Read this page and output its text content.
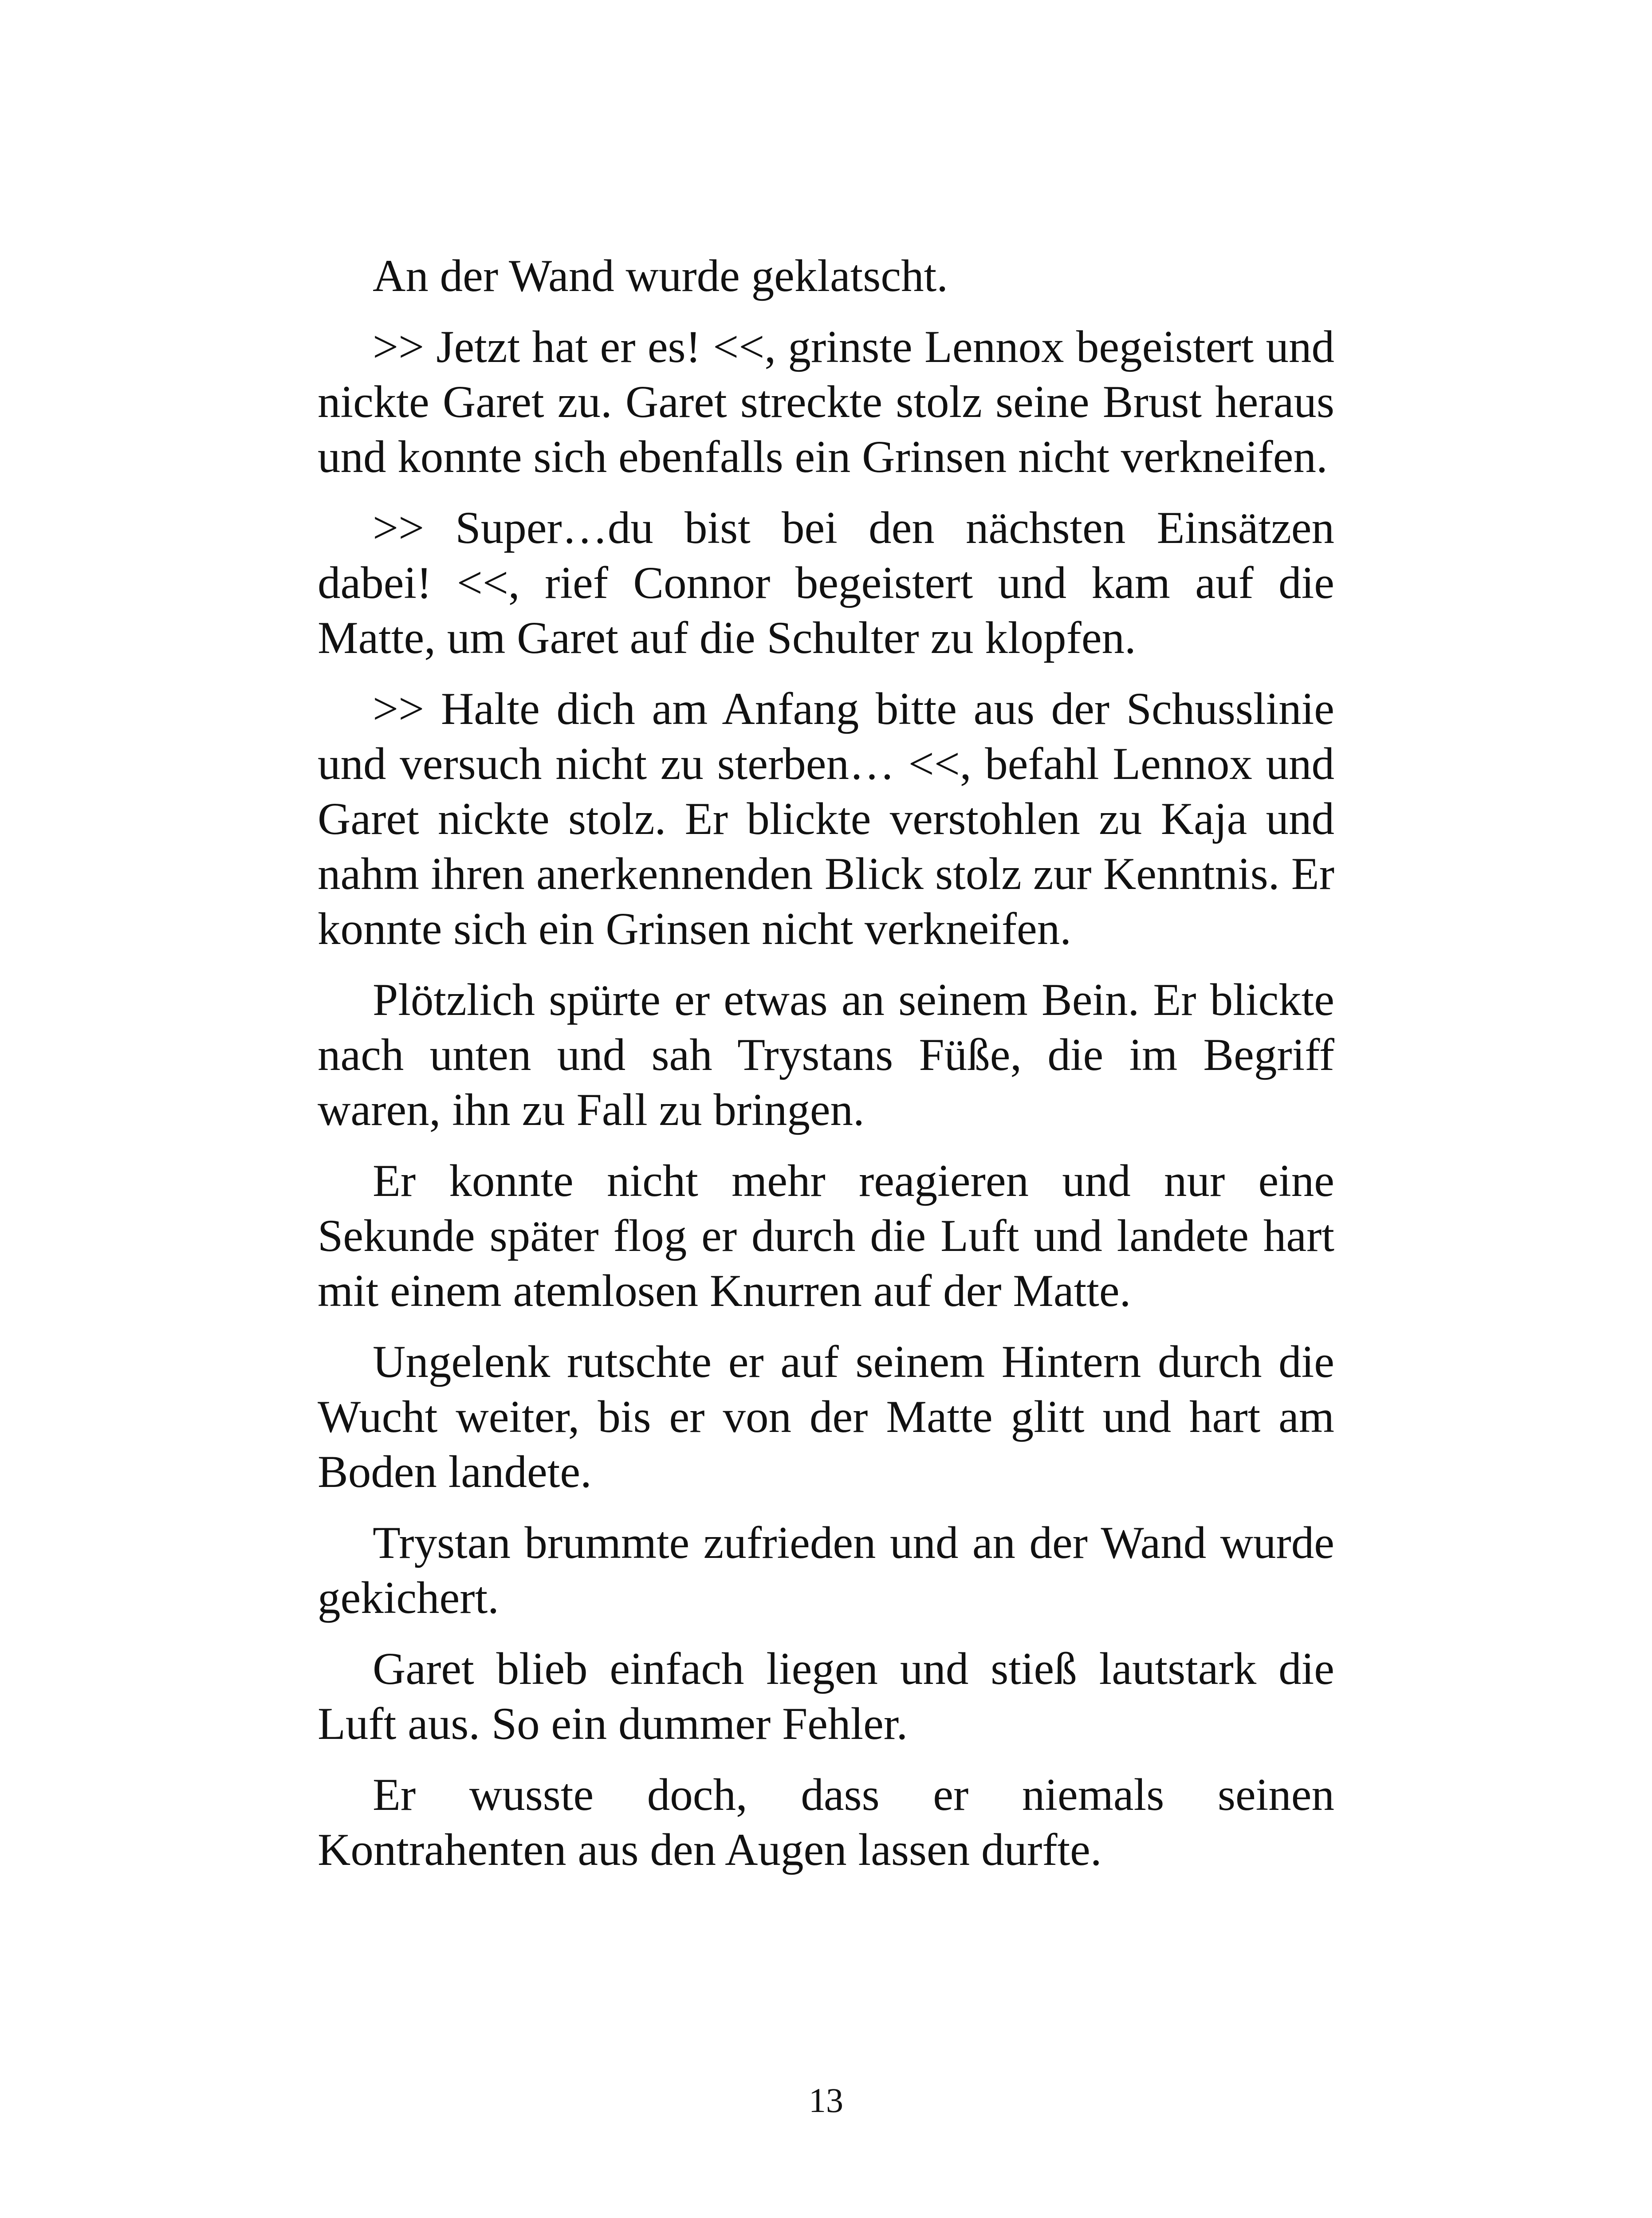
An der Wand wurde geklatscht.

>> Jetzt hat er es! <<, grinste Lennox begeistert und nickte Garet zu. Garet streckte stolz seine Brust heraus und konnte sich ebenfalls ein Grinsen nicht verkneifen.

>> Super…du bist bei den nächsten Einsätzen dabei! <<, rief Connor begeistert und kam auf die Matte, um Garet auf die Schulter zu klopfen.

>> Halte dich am Anfang bitte aus der Schusslinie und versuch nicht zu sterben… <<, befahl Lennox und Garet nickte stolz. Er blickte verstohlen zu Kaja und nahm ihren anerkennenden Blick stolz zur Kenntnis. Er konnte sich ein Grinsen nicht verkneifen.

Plötzlich spürte er etwas an seinem Bein. Er blickte nach unten und sah Trystans Füße, die im Begriff waren, ihn zu Fall zu bringen.

Er konnte nicht mehr reagieren und nur eine Sekunde später flog er durch die Luft und landete hart mit einem atemlosen Knurren auf der Matte.

Ungelenk rutschte er auf seinem Hintern durch die Wucht weiter, bis er von der Matte glitt und hart am Boden landete.

Trystan brummte zufrieden und an der Wand wurde gekichert.

Garet blieb einfach liegen und stieß lautstark die Luft aus. So ein dummer Fehler.

Er wusste doch, dass er niemals seinen Kontrahenten aus den Augen lassen durfte.

13
